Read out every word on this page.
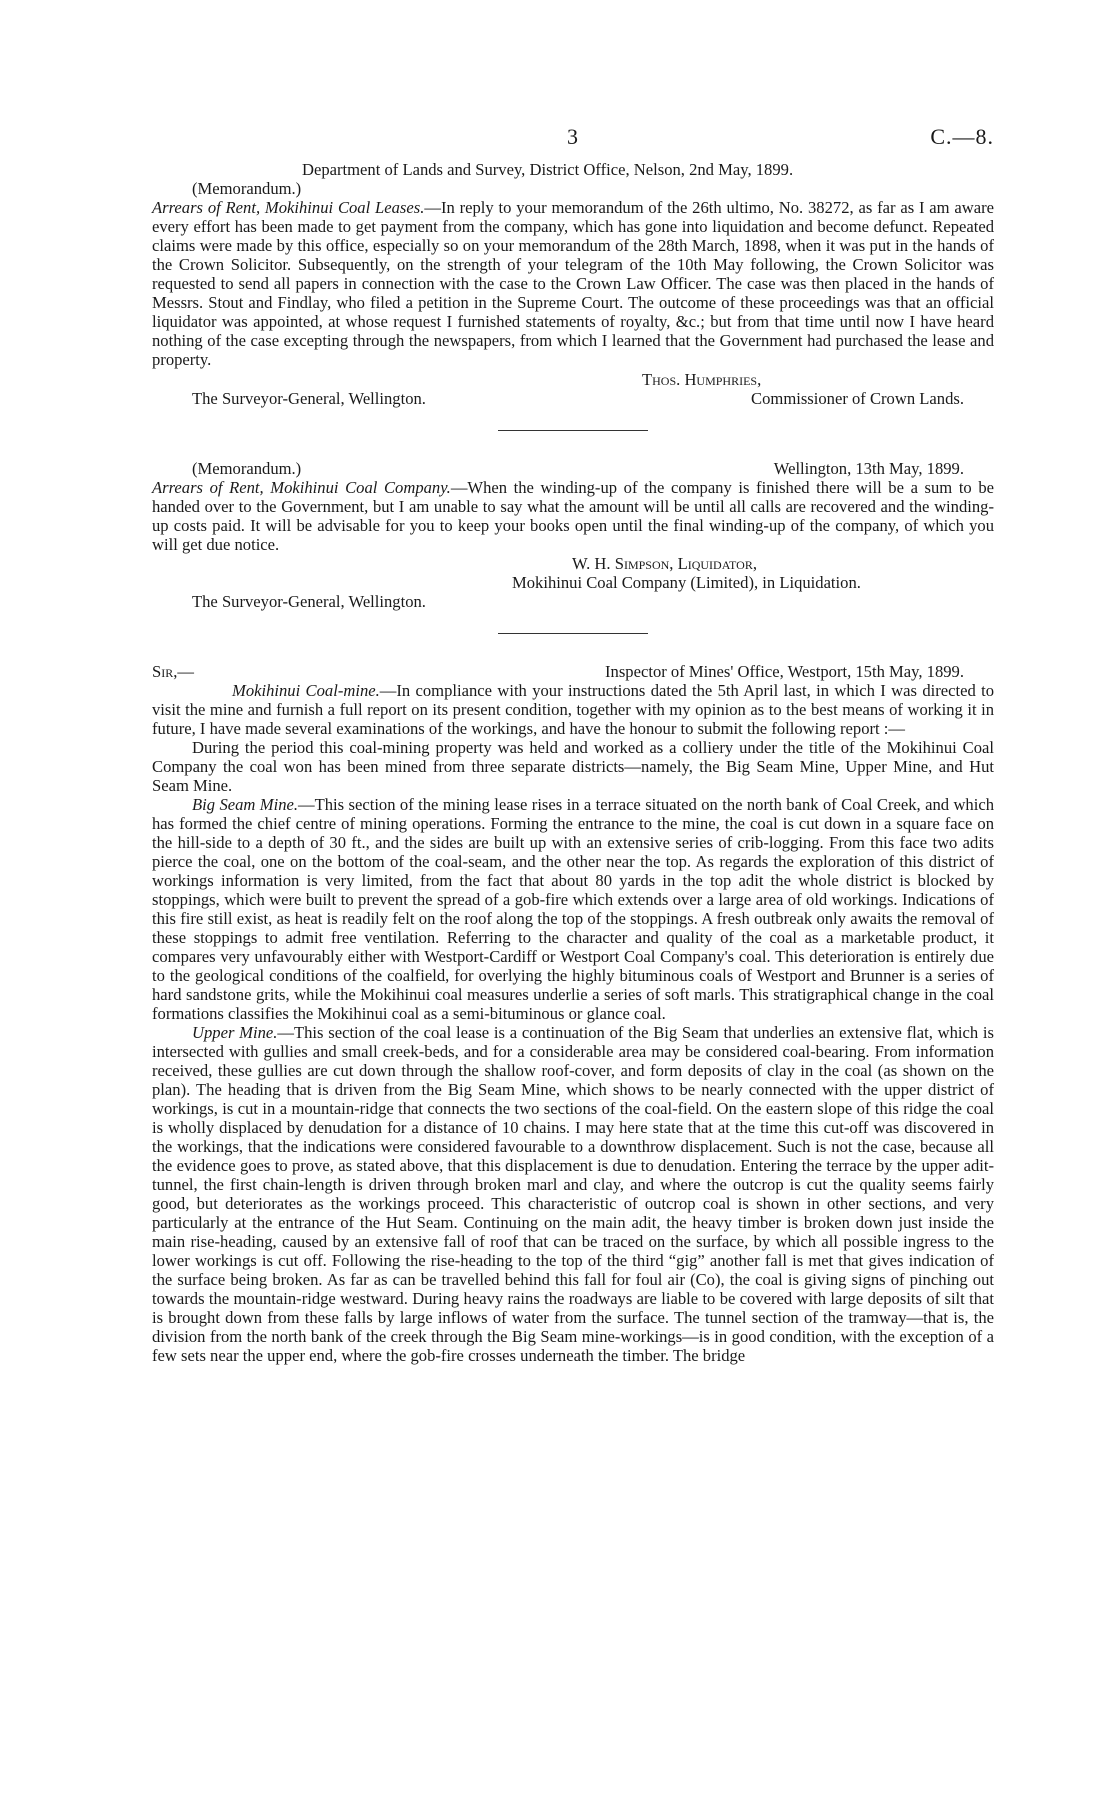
3	C.—8.
Department of Lands and Survey, District Office, Nelson, 2nd May, 1899.
(Memorandum.)

Arrears of Rent, Mokihinui Coal Leases.—In reply to your memorandum of the 26th ultimo, No. 38272, as far as I am aware every effort has been made to get payment from the company, which has gone into liquidation and become defunct. Repeated claims were made by this office, especially so on your memorandum of the 28th March, 1898, when it was put in the hands of the Crown Solicitor. Subsequently, on the strength of your telegram of the 10th May following, the Crown Solicitor was requested to send all papers in connection with the case to the Crown Law Officer. The case was then placed in the hands of Messrs. Stout and Findlay, who filed a petition in the Supreme Court. The outcome of these proceedings was that an official liquidator was appointed, at whose request I furnished statements of royalty, &c.; but from that time until now I have heard nothing of the case excepting through the newspapers, from which I learned that the Government had purchased the lease and property.

Thos. Humphries,
The Surveyor-General, Wellington.	Commissioner of Crown Lands.
(Memorandum.)	Wellington, 13th May, 1899.

Arrears of Rent, Mokihinui Coal Company.—When the winding-up of the company is finished there will be a sum to be handed over to the Government, but I am unable to say what the amount will be until all calls are recovered and the winding-up costs paid. It will be advisable for you to keep your books open until the final winding-up of the company, of which you will get due notice.

W. H. Simpson, Liquidator,
Mokihinui Coal Company (Limited), in Liquidation.
The Surveyor-General, Wellington.
Sir,—	Inspector of Mines' Office, Westport, 15th May, 1899.

Mokihinui Coal-mine.—In compliance with your instructions dated the 5th April last, in which I was directed to visit the mine and furnish a full report on its present condition, together with my opinion as to the best means of working it in future, I have made several examinations of the workings, and have the honour to submit the following report :—

During the period this coal-mining property was held and worked as a colliery under the title of the Mokihinui Coal Company the coal won has been mined from three separate districts—namely, the Big Seam Mine, Upper Mine, and Hut Seam Mine.

Big Seam Mine.—This section of the mining lease rises in a terrace situated on the north bank of Coal Creek, and which has formed the chief centre of mining operations. Forming the entrance to the mine, the coal is cut down in a square face on the hill-side to a depth of 30 ft., and the sides are built up with an extensive series of crib-logging. From this face two adits pierce the coal, one on the bottom of the coal-seam, and the other near the top. As regards the exploration of this district of workings information is very limited, from the fact that about 80 yards in the top adit the whole district is blocked by stoppings, which were built to prevent the spread of a gob-fire which extends over a large area of old workings. Indications of this fire still exist, as heat is readily felt on the roof along the top of the stoppings. A fresh outbreak only awaits the removal of these stoppings to admit free ventilation. Referring to the character and quality of the coal as a marketable product, it compares very unfavourably either with Westport-Cardiff or Westport Coal Company's coal. This deterioration is entirely due to the geological conditions of the coalfield, for overlying the highly bituminous coals of Westport and Brunner is a series of hard sandstone grits, while the Mokihinui coal measures underlie a series of soft marls. This stratigraphical change in the coal formations classifies the Mokihinui coal as a semi-bituminous or glance coal.

Upper Mine.—This section of the coal lease is a continuation of the Big Seam that underlies an extensive flat, which is intersected with gullies and small creek-beds, and for a considerable area may be considered coal-bearing. From information received, these gullies are cut down through the shallow roof-cover, and form deposits of clay in the coal (as shown on the plan). The heading that is driven from the Big Seam Mine, which shows to be nearly connected with the upper district of workings, is cut in a mountain-ridge that connects the two sections of the coal-field. On the eastern slope of this ridge the coal is wholly displaced by denudation for a distance of 10 chains. I may here state that at the time this cut-off was discovered in the workings, that the indications were considered favourable to a downthrow displacement. Such is not the case, because all the evidence goes to prove, as stated above, that this displacement is due to denudation. Entering the terrace by the upper adit-tunnel, the first chain-length is driven through broken marl and clay, and where the outcrop is cut the quality seems fairly good, but deteriorates as the workings proceed. This characteristic of outcrop coal is shown in other sections, and very particularly at the entrance of the Hut Seam. Continuing on the main adit, the heavy timber is broken down just inside the main rise-heading, caused by an extensive fall of roof that can be traced on the surface, by which all possible ingress to the lower workings is cut off. Following the rise-heading to the top of the third “gig” another fall is met that gives indication of the surface being broken. As far as can be travelled behind this fall for foul air (Co), the coal is giving signs of pinching out towards the mountain-ridge westward. During heavy rains the roadways are liable to be covered with large deposits of silt that is brought down from these falls by large inflows of water from the surface. The tunnel section of the tramway—that is, the division from the north bank of the creek through the Big Seam mine-workings—is in good condition, with the exception of a few sets near the upper end, where the gob-fire crosses underneath the timber. The bridge
